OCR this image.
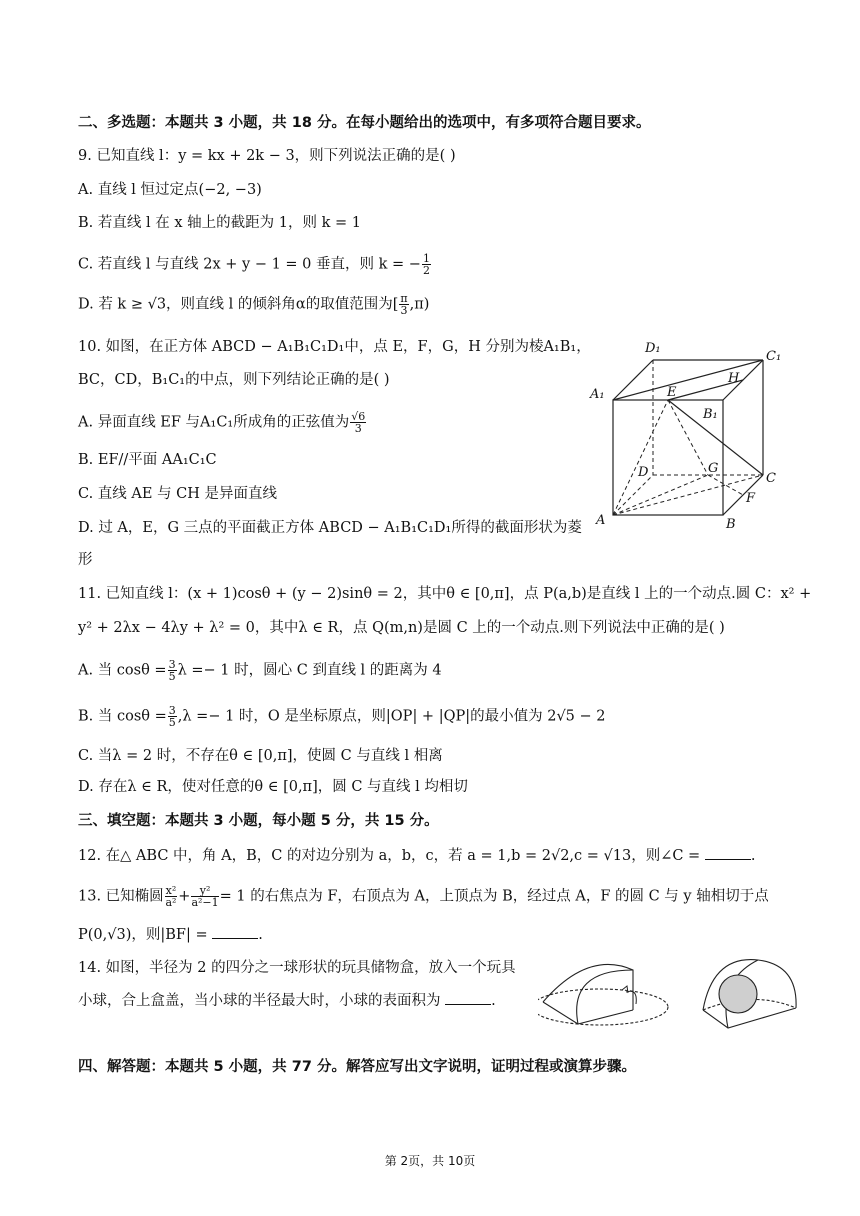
二、多选题：本题共 3 小题，共 18 分。在每小题给出的选项中，有多项符合题目要求。
9. 已知直线 l：y = kx + 2k − 3，则下列说法正确的是( )
A. 直线 l 恒过定点(−2, −3)
B. 若直线 l 在 x 轴上的截距为 1，则 k = 1
C. 若直线 l 与直线 2x + y − 1 = 0 垂直，则 k = − $\frac{1}{2}$
D. 若 k ≥ √3，则直线 l 的倾斜角α的取值范围为[ $\frac{\pi}{3} ,\pi$)
10. 如图，在正方体 ABCD − A₁B₁C₁D₁中，点 E，F，G，H 分别为棱A₁B₁，
BC，CD，B₁C₁的中点，则下列结论正确的是( )
A. 异面直线 EF 与A₁C₁所成角的正弦值为 $\frac{√6}{3}$
B. EF//平面 AA₁C₁C
C. 直线 AE 与 CH 是异面直线
D. 过 A，E，G 三点的平面截正方体 ABCD − A₁B₁C₁D₁所得的截面形状为菱
形
D₁
C₁
A₁
H
E
B₁
D	G
C
F
A	B
11. 已知直线 l：(x + 1)cosθ + (y − 2)sinθ = 2，其中θ ∈ [0,π]，点 P(a,b)是直线 l 上的一个动点.圆 C：x² +
y² + 2λx − 4λy + λ² = 0，其中λ ∈ R，点 Q(m,n)是圆 C 上的一个动点.则下列说法中正确的是( )
A. 当 $\cos\theta = \frac{3}{5}$ λ =− 1 时，圆心 C 到直线 l 的距离为 4
B. 当 $\cos\theta = \frac{3}{5} ,\lambda =- 1$ 时，O 是坐标原点，则|OP| + |QP|的最小值为 2√5 − 2
C. 当λ = 2 时，不存在θ ∈ [0,π]，使圆 C 与直线 l 相离
D. 存在λ ∈ R，使对任意的θ ∈ [0,π]，圆 C 与直线 l 均相切
三、填空题：本题共 3 小题，每小题 5 分，共 15 分。
12. 在△ ABC 中，角 A，B，C 的对边分别为 a，b，c，若 a = 1,b = 2√2,c = √13，则∠C =	.
13. 已知椭圆 $\frac{\text{x²}}{\text{a²}} + \frac{\text{y²}}{\text{a²−1}} = 1$ 的右焦点为 F，右顶点为 A，上顶点为 B，经过点 A，F 的圆 C 与 y 轴相切于点
P(0,√3)，则|BF| =	.
14. 如图，半径为 2 的四分之一球形状的玩具储物盒，放入一个玩具
小球，合上盒盖，当小球的半径最大时，小球的表面积为	.
四、解答题：本题共 5 小题，共 77 分。解答应写出文字说明，证明过程或演算步骤。
第 2页，共 10页
